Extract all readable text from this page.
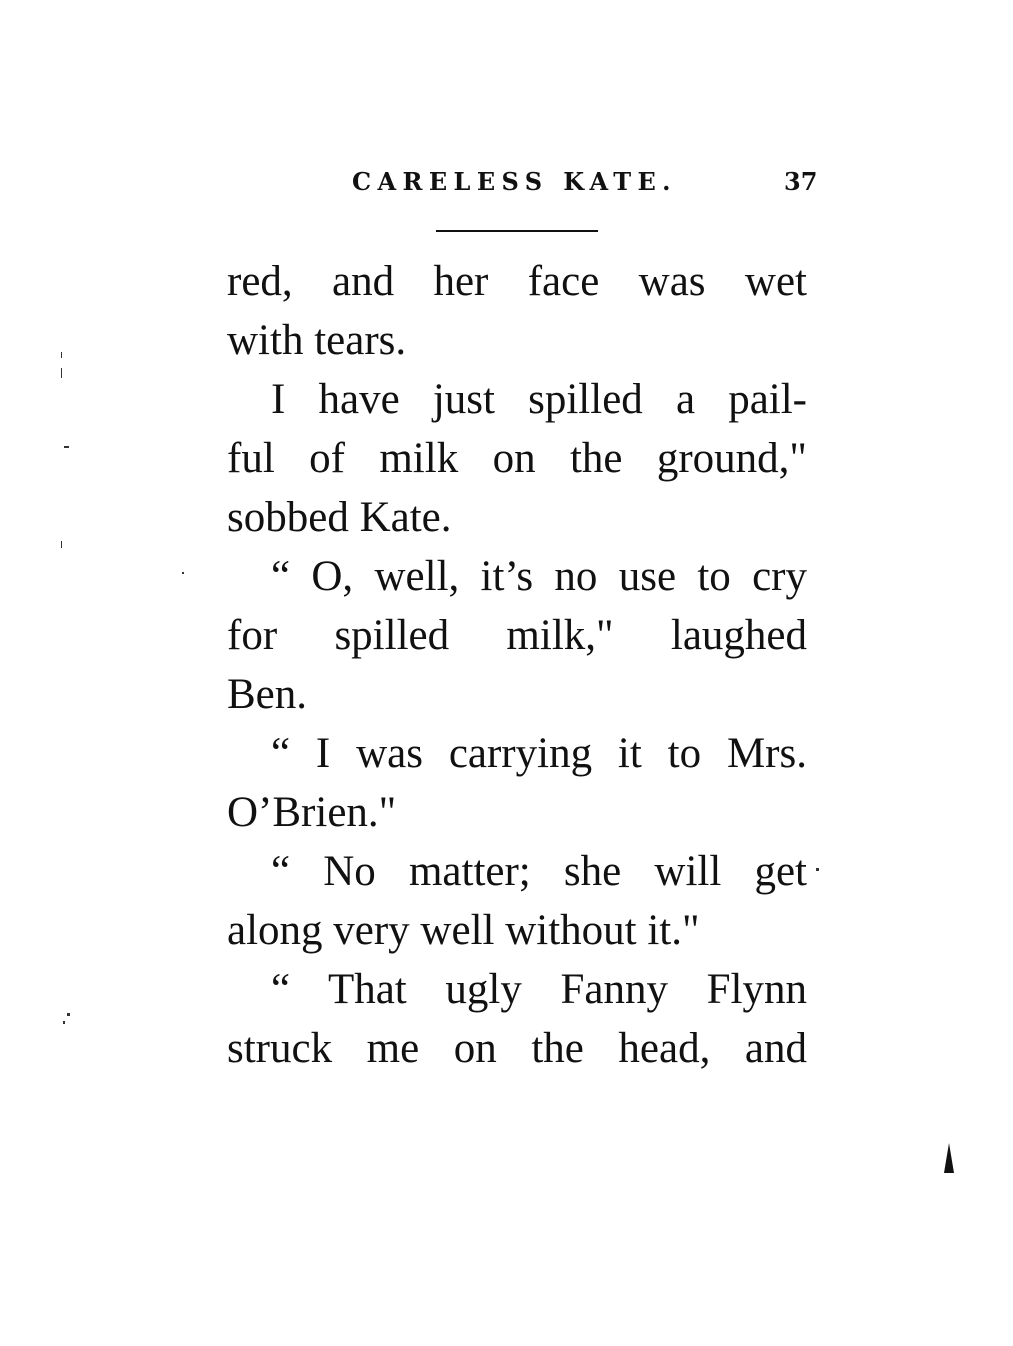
CARELESS KATE.	37
red, and her face was wet
with tears.
I have just spilled a pail-
ful of milk on the ground,"
sobbed Kate.
“ O, well, it’s no use to cry
for spilled milk," laughed
Ben.
“ I was carrying it to Mrs.
O’Brien."
“ No matter; she will get
along very well without it."
“ That ugly Fanny Flynn
struck me on the head, and
